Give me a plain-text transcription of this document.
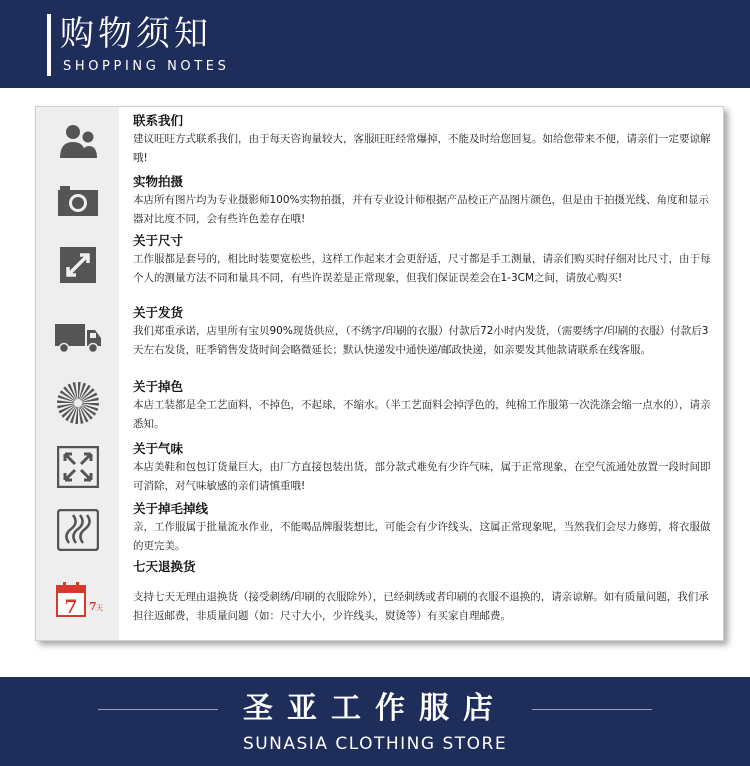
购物须知
SHOPPING NOTES
7 7 天
联系我们
建议旺旺方式联系我们，由于每天咨询量较大，客服旺旺经常爆掉，不能及时给您回复。如给您带来不便，请亲们一定要谅解哦!
实物拍摄
本店所有图片均为专业摄影师100%实物拍摄，并有专业设计师根据产品校正产品图片颜色，但是由于拍摄光线、角度和显示器对比度不同，会有些许色差存在哦!
关于尺寸
工作服都是套号的，相比时装要宽松些，这样工作起来才会更舒适，尺寸都是手工测量，请亲们购买时仔细对比尺寸，由于每个人的测量方法不同和量具不同，有些许误差是正常现象，但我们保证误差会在1-3CM之间，请放心购买!
关于发货
我们郑重承诺，店里所有宝贝90%现货供应，（不绣字/印刷的衣服）付款后72小时内发货，（需要绣字/印刷的衣服）付款后3天左右发货，旺季销售发货时间会略微延长；默认快递发中通快递/邮政快递，如亲要发其他款请联系在线客服。
关于掉色
本店工装都是全工艺面料，不掉色，不起球，不缩水。（半工艺面料会掉浮色的，纯棉工作服第一次洗涤会缩一点水的），请亲悉知。
关于气味
本店美鞋和包包订货量巨大，由厂方直接包装出货，部分款式难免有少许气味，属于正常现象，在空气流通处放置一段时间即可消除，对气味敏感的亲们请慎重哦!
关于掉毛掉线
亲，工作服属于批量流水作业，不能喝品牌服装想比，可能会有少许线头，这属正常现象呢，当然我们会尽力修剪，将衣服做的更完美。
七天退换货
支持七天无理由退换货（接受刺绣/印刷的衣服除外），已经刺绣或者印刷的衣服不退换的，请亲谅解。如有质量问题，我们承担往返邮费，非质量问题（如：尺寸大小，少许线头，熨烫等）有买家自理邮费。
圣亚工作服店
SUNASIA CLOTHING STORE
